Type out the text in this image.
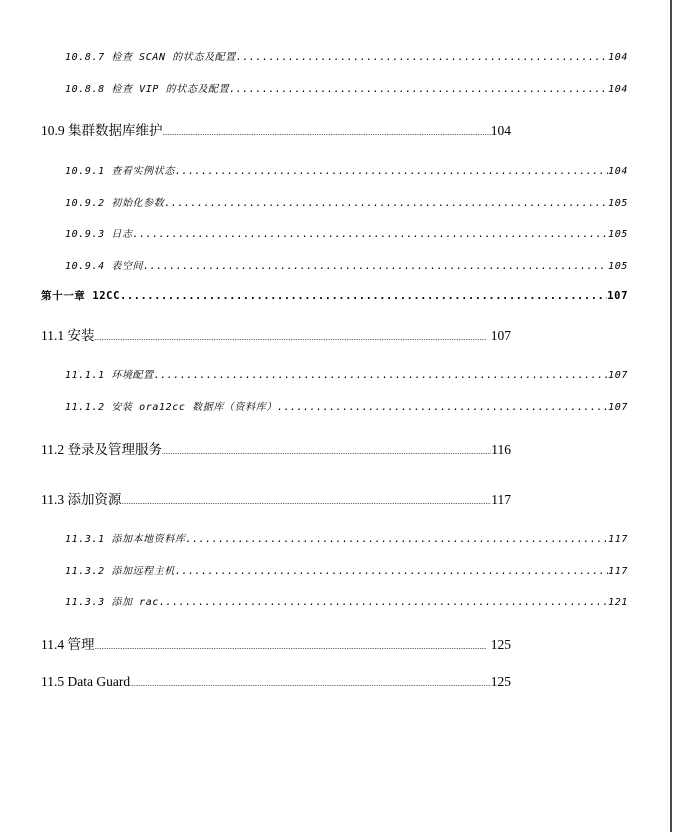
10.8.7 检查 SCAN 的状态及配置 .....	104
10.8.8 检查 VIP 的状态及配置 .....	104
10.9 集群数据库维护 .....	104
10.9.1 查看实例状态 .....	104
10.9.2 初始化参数 .....	105
10.9.3 日志 .....	105
10.9.4 表空间 .....	105
第十一章 12CC .....	107
11.1 安装 .....	107
11.1.1 环境配置 .....	107
11.1.2 安装 ora12cc 数据库（资料库） .....	107
11.2 登录及管理服务 .....	116
11.3 添加资源 .....	117
11.3.1 添加本地资料库 .....	117
11.3.2 添加远程主机 .....	117
11.3.3 添加 rac .....	121
11.4 管理 .....	125
11.5 Data Guard .....	125
